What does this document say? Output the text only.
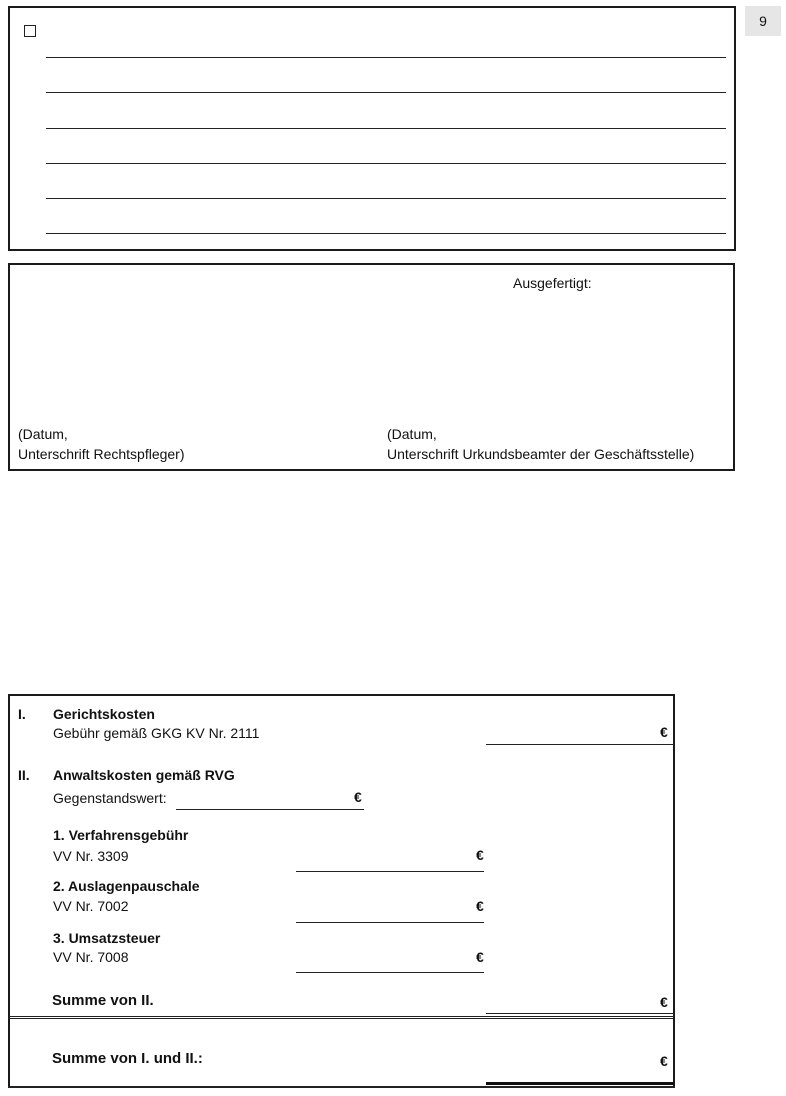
9
Ausgefertigt:
(Datum,
Unterschrift Rechtspfleger)
(Datum,
Unterschrift Urkundsbeamter der Geschäftsstelle)
I. Gerichtskosten
Gebühr gemäß GKG KV Nr. 2111	€
II. Anwaltskosten gemäß RVG
Gegenstandswert:	€
1. Verfahrensgebühr
VV Nr. 3309	€
2. Auslagenpauschale
VV Nr. 7002	€
3. Umsatzsteuer
VV Nr. 7008	€
Summe von II.	€
Summe von I. und II.:	€
